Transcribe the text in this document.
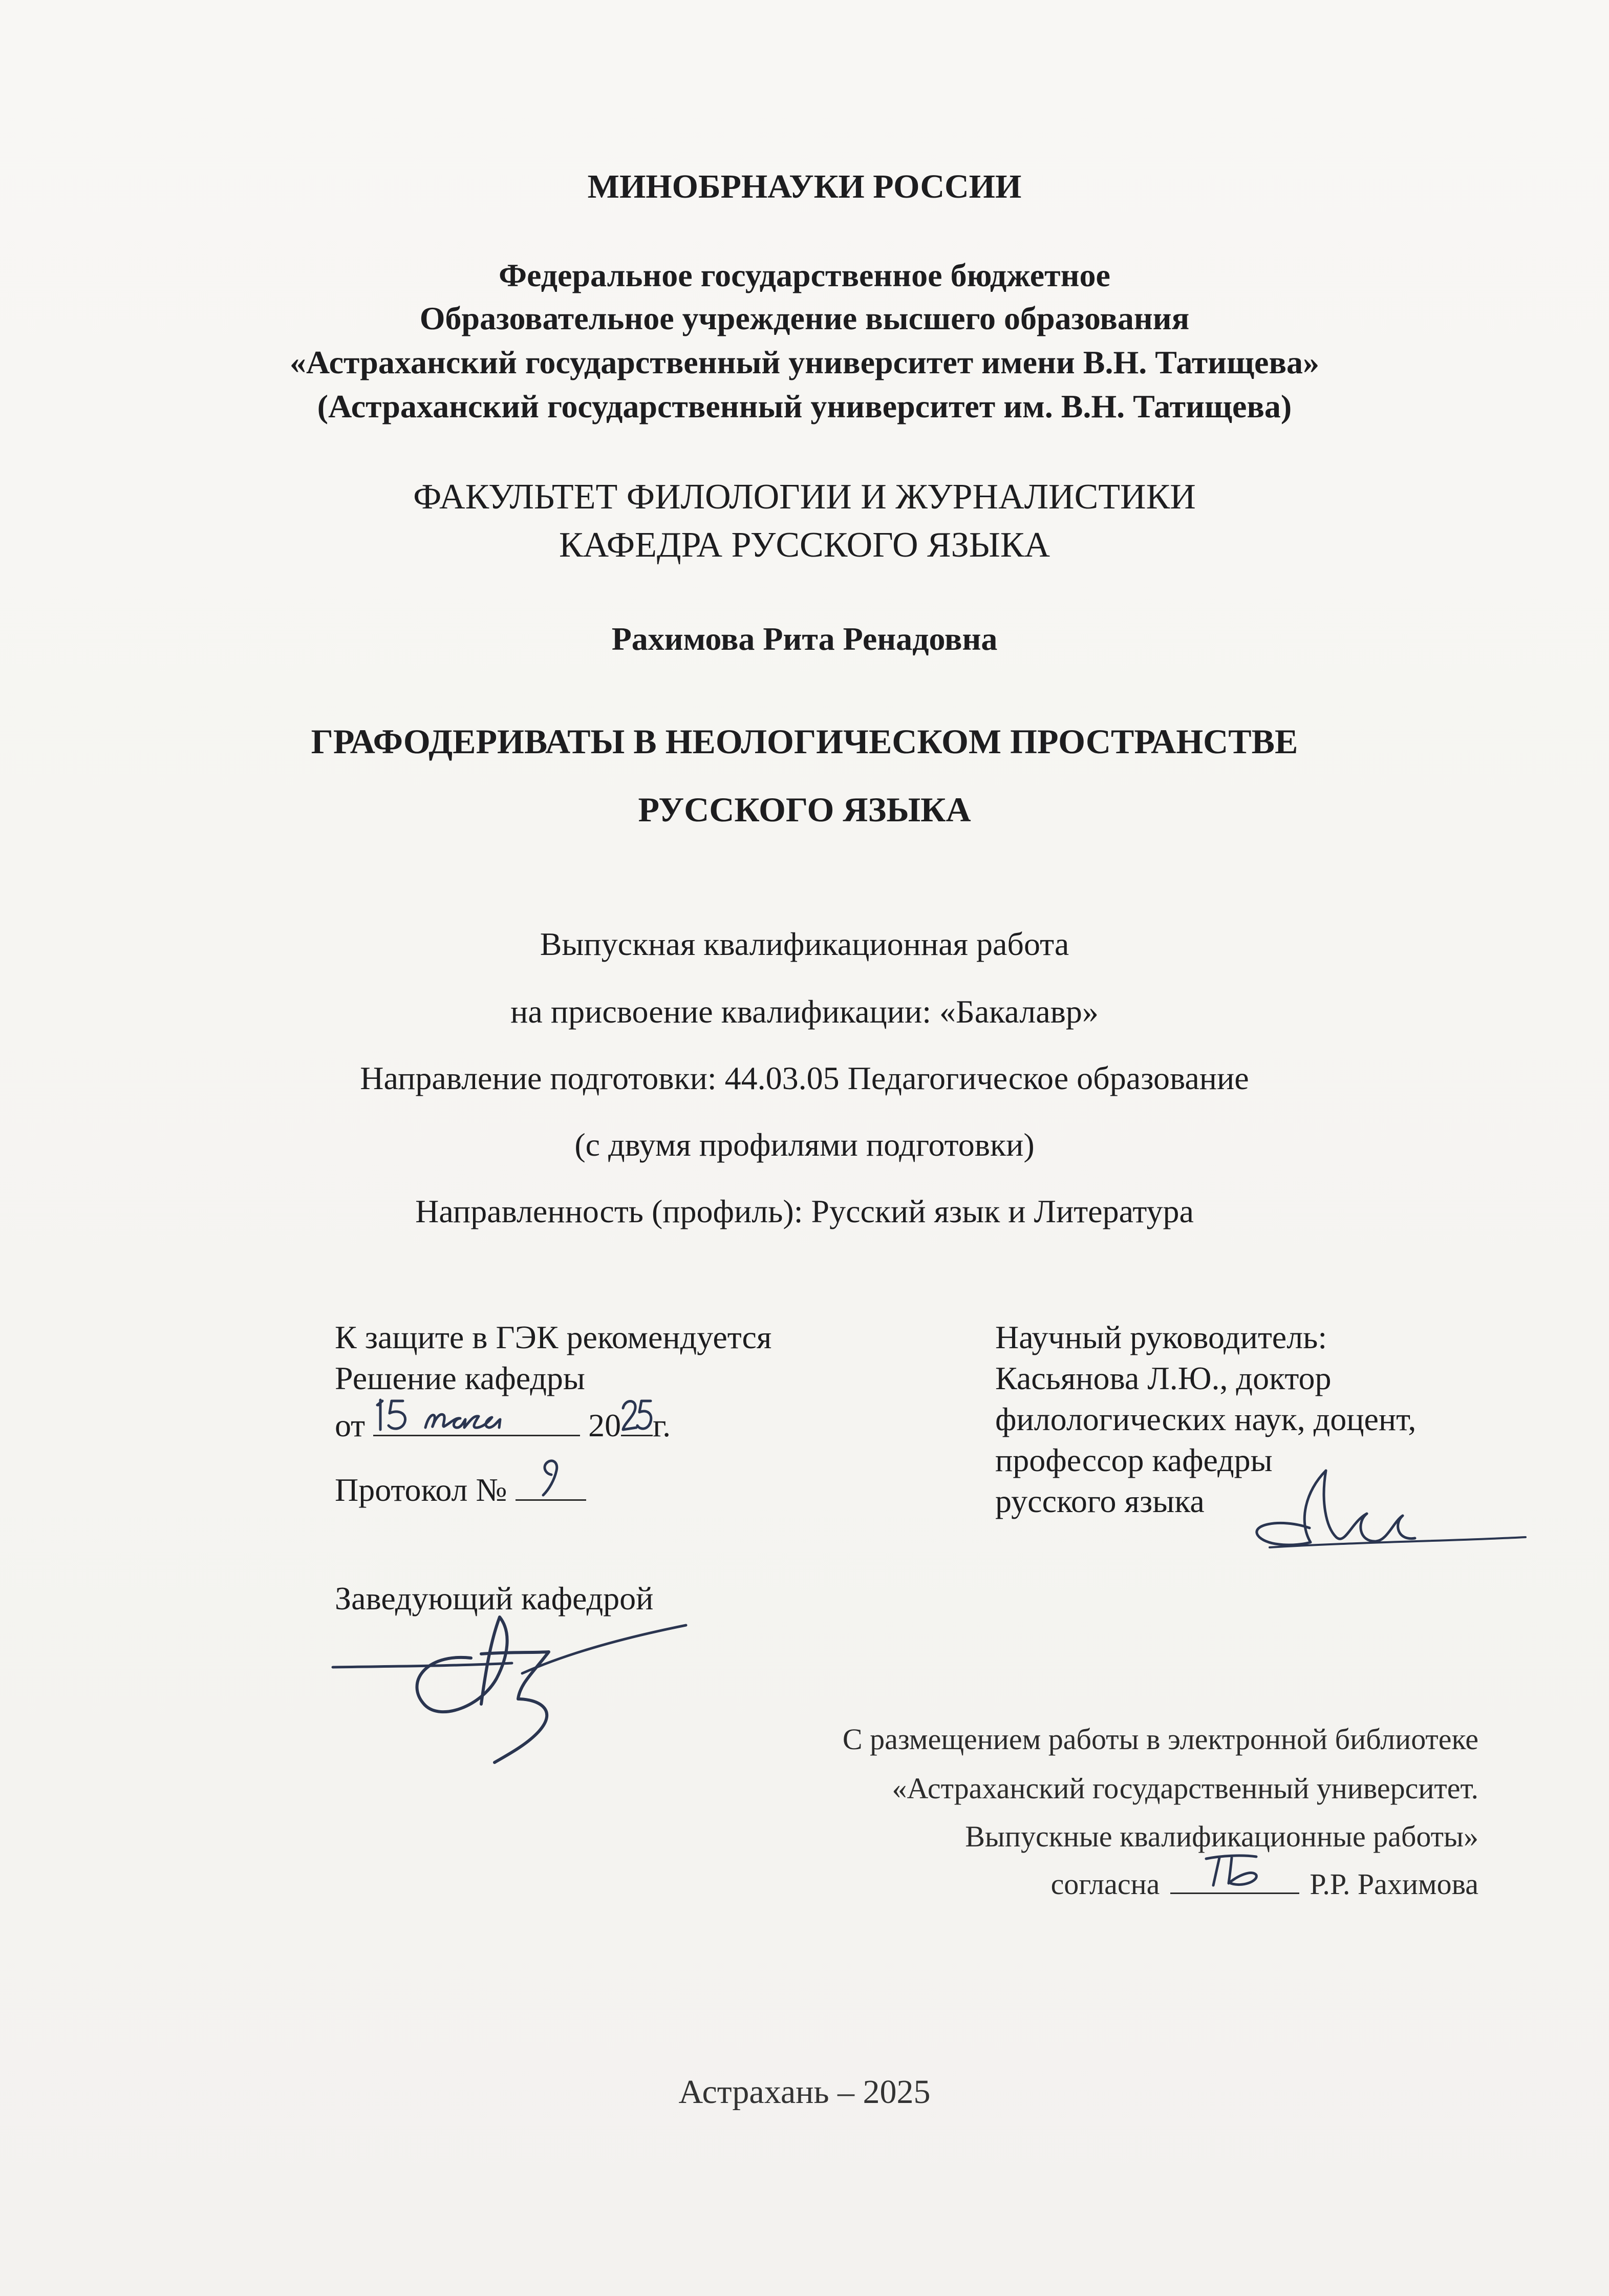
МИНОБРНАУКИ РОССИИ
Федеральное государственное бюджетное
Образовательное учреждение высшего образования
«Астраханский государственный университет имени В.Н. Татищева»
(Астраханский государственный университет им. В.Н. Татищева)
ФАКУЛЬТЕТ ФИЛОЛОГИИ И ЖУРНАЛИСТИКИ
КАФЕДРА РУССКОГО ЯЗЫКА
Рахимова Рита Ренадовна
ГРАФОДЕРИВАТЫ В НЕОЛОГИЧЕСКОМ ПРОСТРАНСТВЕ
РУССКОГО ЯЗЫКА
Выпускная квалификационная работа
на присвоение квалификации: «Бакалавр»
Направление подготовки: 44.03.05 Педагогическое образование
(с двумя профилями подготовки)
Направленность (профиль): Русский язык и Литература
К защите в ГЭК рекомендуется
Решение кафедры
от	20 г.
Протокол №
Заведующий кафедрой
Научный руководитель:
Касьянова Л.Ю., доктор
филологических наук, доцент,
профессор кафедры
русского языка
С размещением работы в электронной библиотеке
«Астраханский государственный университет.
Выпускные квалификационные работы»
согласна	Р.Р. Рахимова
Астрахань – 2025
